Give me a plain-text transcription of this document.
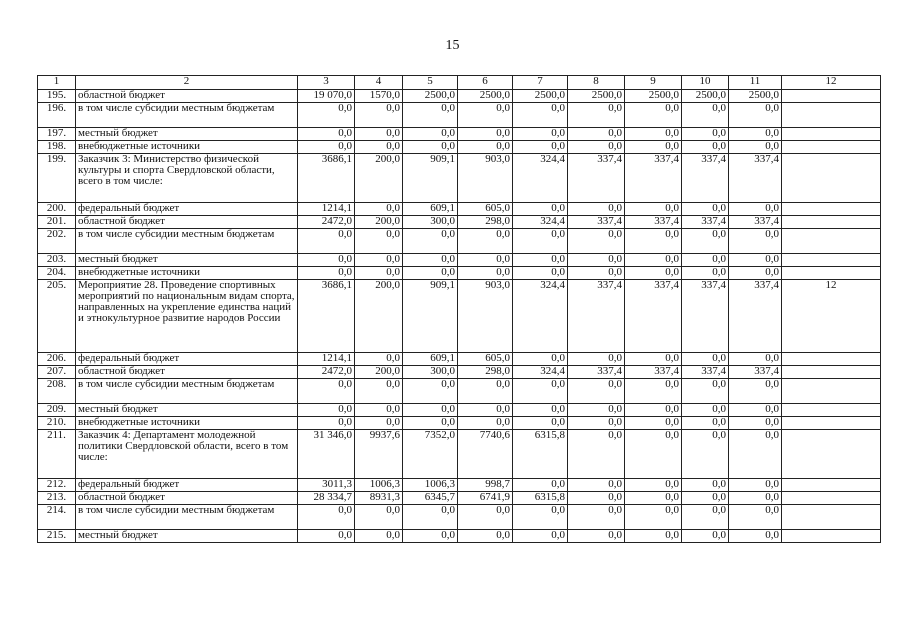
15
1	2	3	4	5	6	7	8	9	10	11	12
195.	областной бюджет	19 070,0	1570,0	2500,0	2500,0	2500,0	2500,0	2500,0	2500,0	2500,0	
196.	в том числе субсидии местным бюджетам	0,0	0,0	0,0	0,0	0,0	0,0	0,0	0,0	0,0	
197.	местный бюджет	0,0	0,0	0,0	0,0	0,0	0,0	0,0	0,0	0,0	
198.	внебюджетные источники	0,0	0,0	0,0	0,0	0,0	0,0	0,0	0,0	0,0	
199.	Заказчик 3: Министерство физической культуры и спорта Свердловской области, всего в том числе:	3686,1	200,0	909,1	903,0	324,4	337,4	337,4	337,4	337,4	
200.	федеральный бюджет	1214,1	0,0	609,1	605,0	0,0	0,0	0,0	0,0	0,0	
201.	областной бюджет	2472,0	200,0	300,0	298,0	324,4	337,4	337,4	337,4	337,4	
202.	в том числе субсидии местным бюджетам	0,0	0,0	0,0	0,0	0,0	0,0	0,0	0,0	0,0	
203.	местный бюджет	0,0	0,0	0,0	0,0	0,0	0,0	0,0	0,0	0,0	
204.	внебюджетные источники	0,0	0,0	0,0	0,0	0,0	0,0	0,0	0,0	0,0	
205.	Мероприятие 28. Проведение спортивных мероприятий по национальным видам спорта, направленных на укрепление единства наций и этнокультурное развитие народов России	3686,1	200,0	909,1	903,0	324,4	337,4	337,4	337,4	337,4	12
206.	федеральный бюджет	1214,1	0,0	609,1	605,0	0,0	0,0	0,0	0,0	0,0	
207.	областной бюджет	2472,0	200,0	300,0	298,0	324,4	337,4	337,4	337,4	337,4	
208.	в том числе субсидии местным бюджетам	0,0	0,0	0,0	0,0	0,0	0,0	0,0	0,0	0,0	
209.	местный бюджет	0,0	0,0	0,0	0,0	0,0	0,0	0,0	0,0	0,0	
210.	внебюджетные источники	0,0	0,0	0,0	0,0	0,0	0,0	0,0	0,0	0,0	
211.	Заказчик 4: Департамент молодежной политики Свердловской области, всего в том числе:	31 346,0	9937,6	7352,0	7740,6	6315,8	0,0	0,0	0,0	0,0	
212.	федеральный бюджет	3011,3	1006,3	1006,3	998,7	0,0	0,0	0,0	0,0	0,0	
213.	областной бюджет	28 334,7	8931,3	6345,7	6741,9	6315,8	0,0	0,0	0,0	0,0	
214.	в том числе субсидии местным бюджетам	0,0	0,0	0,0	0,0	0,0	0,0	0,0	0,0	0,0	
215.	местный бюджет	0,0	0,0	0,0	0,0	0,0	0,0	0,0	0,0	0,0	
